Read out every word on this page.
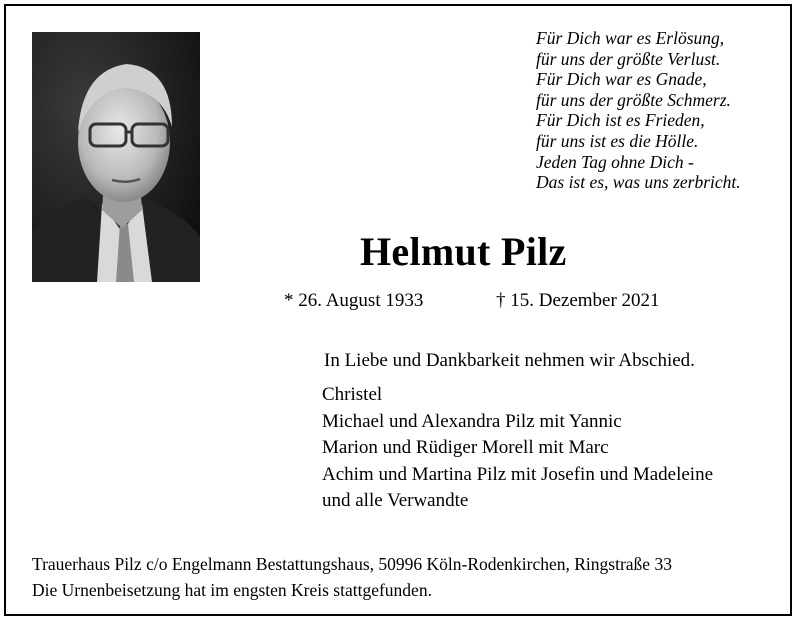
Für Dich war es Erlösung,
für uns der größte Verlust.
Für Dich war es Gnade,
für uns der größte Schmerz.
Für Dich ist es Frieden,
für uns ist es die Hölle.
Jeden Tag ohne Dich -
Das ist es, was uns zerbricht.
Helmut Pilz
* 26. August 1933	† 15. Dezember 2021
In Liebe und Dankbarkeit nehmen wir Abschied.
Christel
Michael und Alexandra Pilz mit Yannic
Marion und Rüdiger Morell mit Marc
Achim und Martina Pilz mit Josefin und Madeleine
und alle Verwandte
Trauerhaus Pilz c/o Engelmann Bestattungshaus, 50996 Köln-Rodenkirchen, Ringstraße 33
Die Urnenbeisetzung hat im engsten Kreis stattgefunden.
